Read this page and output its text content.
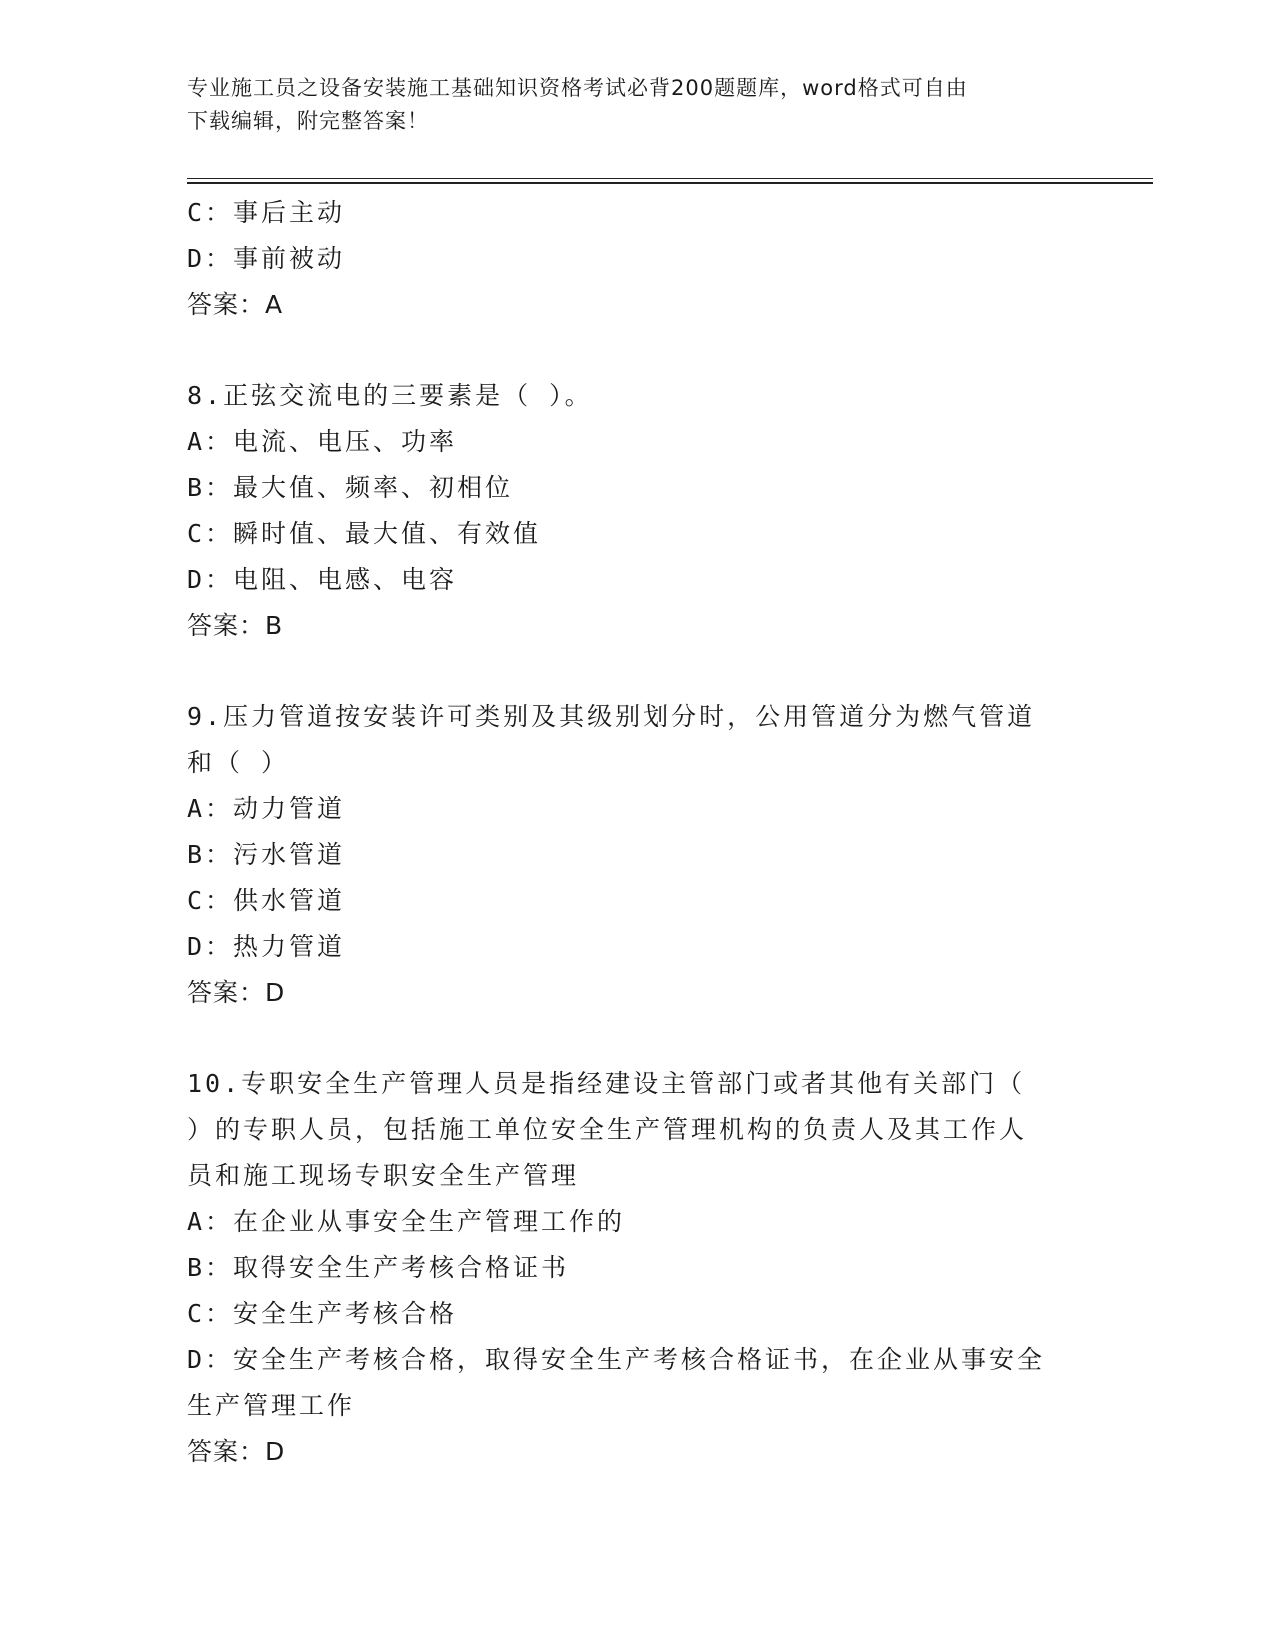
专业施工员之设备安装施工基础知识资格考试必背200题题库，word格式可自由
下载编辑，附完整答案！
C：事后主动
D：事前被动
答案：A
8.正弦交流电的三要素是（ ）。
A：电流、电压、功率
B：最大值、频率、初相位
C：瞬时值、最大值、有效值
D：电阻、电感、电容
答案：B
9.压力管道按安装许可类别及其级别划分时，公用管道分为燃气管道
和（ ）
A：动力管道
B：污水管道
C：供水管道
D：热力管道
答案：D
10.专职安全生产管理人员是指经建设主管部门或者其他有关部门（
）的专职人员，包括施工单位安全生产管理机构的负责人及其工作人
员和施工现场专职安全生产管理
A：在企业从事安全生产管理工作的
B：取得安全生产考核合格证书
C：安全生产考核合格
D：安全生产考核合格，取得安全生产考核合格证书，在企业从事安全
生产管理工作
答案：D
